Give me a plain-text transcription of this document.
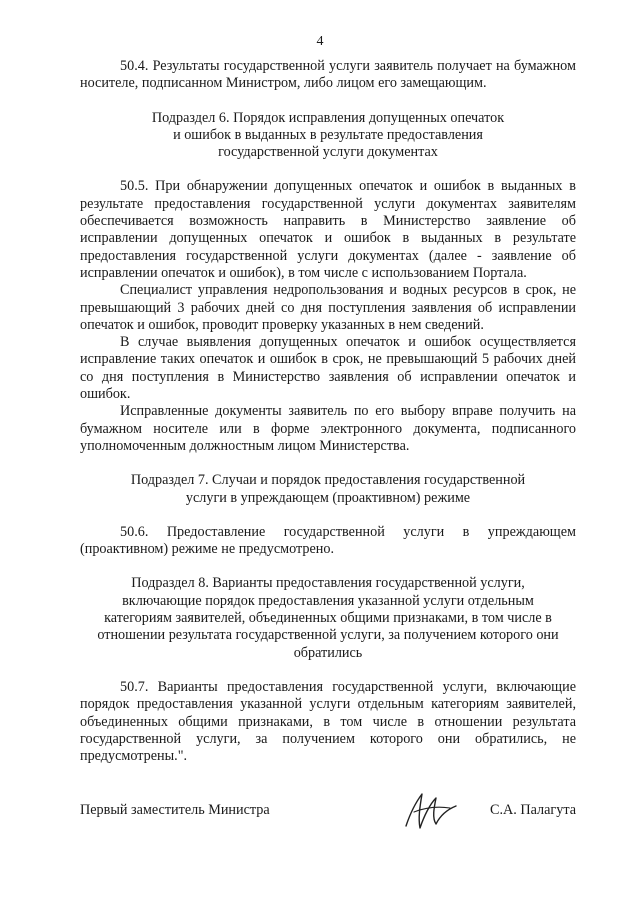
4

50.4. Результаты государственной услуги заявитель получает на бумажном носителе, подписанном Министром, либо лицом его замещающим.

Подраздел 6. Порядок исправления допущенных опечаток
и ошибок в выданных в результате предоставления
государственной услуги документах

50.5. При обнаружении допущенных опечаток и ошибок в выданных в результате предоставления государственной услуги документах заявителям обеспечивается возможность направить в Министерство заявление об исправлении допущенных опечаток и ошибок в выданных в результате предоставления государственной услуги документах (далее - заявление об исправлении опечаток и ошибок), в том числе с использованием Портала.

Специалист управления недропользования и водных ресурсов в срок, не превышающий 3 рабочих дней со дня поступления заявления об исправлении опечаток и ошибок, проводит проверку указанных в нем сведений.

В случае выявления допущенных опечаток и ошибок осуществляется исправление таких опечаток и ошибок в срок, не превышающий 5 рабочих дней со дня поступления в Министерство заявления об исправлении опечаток и ошибок.

Исправленные документы заявитель по его выбору вправе получить на бумажном носителе или в форме электронного документа, подписанного уполномоченным должностным лицом Министерства.

Подраздел 7. Случаи и порядок предоставления государственной
услуги в упреждающем (проактивном) режиме

50.6. Предоставление государственной услуги в упреждающем (проактивном) режиме не предусмотрено.

Подраздел 8. Варианты предоставления государственной услуги,
включающие порядок предоставления указанной услуги отдельным
категориям заявителей, объединенных общими признаками, в том числе в
отношении результата государственной услуги, за получением которого они
обратились

50.7. Варианты предоставления государственной услуги, включающие порядок предоставления указанной услуги отдельным категориям заявителей, объединенных общими признаками, в том числе в отношении результата государственной услуги, за получением которого они обратились, не предусмотрены.".

Первый заместитель Министра	С.А. Палагута
